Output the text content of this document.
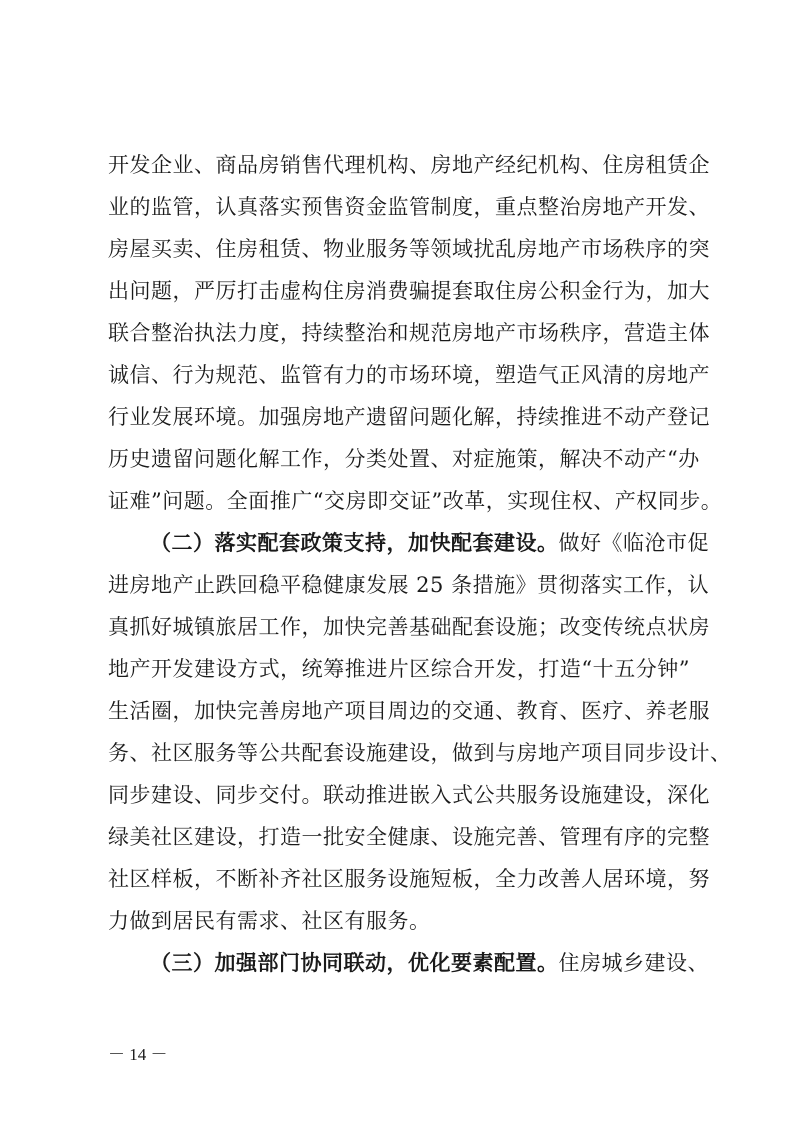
开发企业、商品房销售代理机构、房地产经纪机构、住房租赁企
业的监管，认真落实预售资金监管制度，重点整治房地产开发、
房屋买卖、住房租赁、物业服务等领域扰乱房地产市场秩序的突
出问题，严厉打击虚构住房消费骗提套取住房公积金行为，加大
联合整治执法力度，持续整治和规范房地产市场秩序，营造主体
诚信、行为规范、监管有力的市场环境，塑造气正风清的房地产
行业发展环境。加强房地产遗留问题化解，持续推进不动产登记
历史遗留问题化解工作，分类处置、对症施策，解决不动产“办
证难”问题。全面推广“交房即交证”改革，实现住权、产权同步。
（二）落实配套政策支持，加快配套建设。做好《临沧市促
进房地产止跌回稳平稳健康发展 25 条措施》贯彻落实工作，认
真抓好城镇旅居工作，加快完善基础配套设施；改变传统点状房
地产开发建设方式，统筹推进片区综合开发，打造“十五分钟”
生活圈，加快完善房地产项目周边的交通、教育、医疗、养老服
务、社区服务等公共配套设施建设，做到与房地产项目同步设计、
同步建设、同步交付。联动推进嵌入式公共服务设施建设，深化
绿美社区建设，打造一批安全健康、设施完善、管理有序的完整
社区样板，不断补齐社区服务设施短板，全力改善人居环境，努
力做到居民有需求、社区有服务。
（三）加强部门协同联动，优化要素配置。住房城乡建设、
－ 14 －
